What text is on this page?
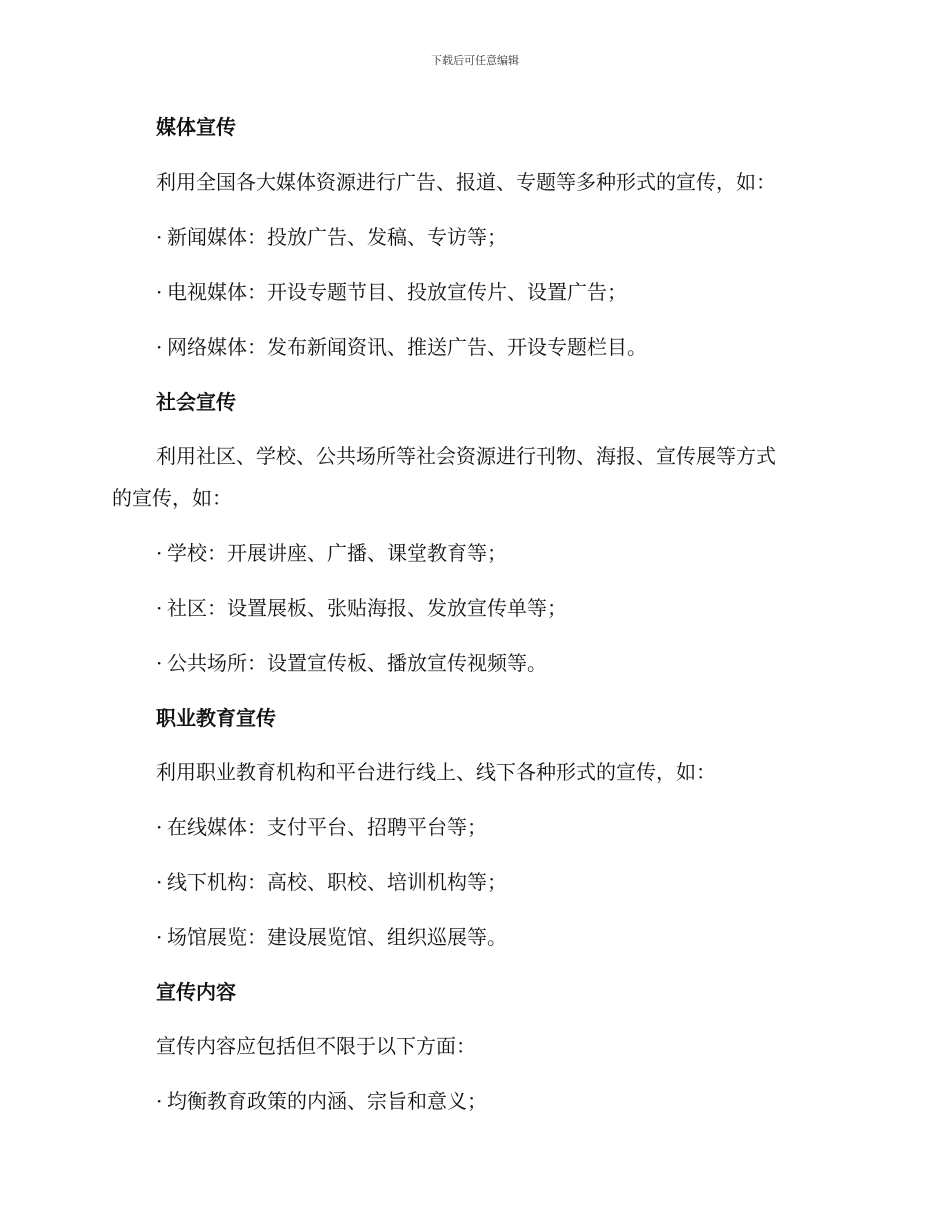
下载后可任意编辑
媒体宣传
利用全国各大媒体资源进行广告、报道、专题等多种形式的宣传，如：
· 新闻媒体：投放广告、发稿、专访等；
· 电视媒体：开设专题节目、投放宣传片、设置广告；
· 网络媒体：发布新闻资讯、推送广告、开设专题栏目。
社会宣传
利用社区、学校、公共场所等社会资源进行刊物、海报、宣传展等方式
的宣传，如：
· 学校：开展讲座、广播、课堂教育等；
· 社区：设置展板、张贴海报、发放宣传单等；
· 公共场所：设置宣传板、播放宣传视频等。
职业教育宣传
利用职业教育机构和平台进行线上、线下各种形式的宣传，如：
· 在线媒体：支付平台、招聘平台等；
· 线下机构：高校、职校、培训机构等；
· 场馆展览：建设展览馆、组织巡展等。
宣传内容
宣传内容应包括但不限于以下方面：
· 均衡教育政策的内涵、宗旨和意义；
